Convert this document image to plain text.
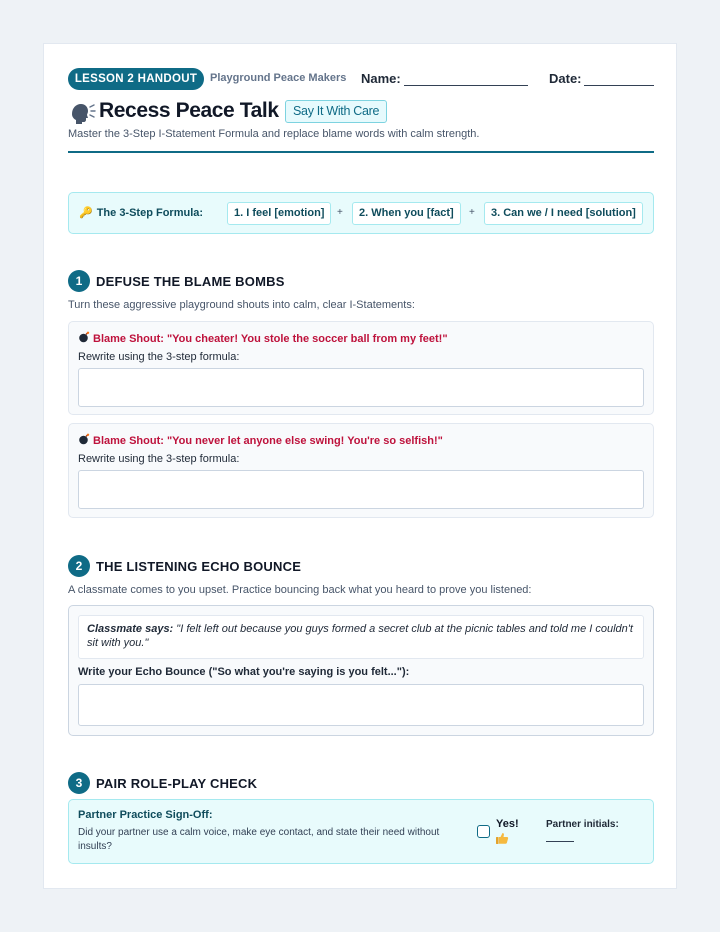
LESSON 2 HANDOUT	Playground Peace Makers Name:	Date:
Recess Peace Talk	Say It With Care
Master the 3-Step I-Statement Formula and replace blame words with calm strength.
🔑 The 3-Step Formula:	1. I feel [emotion]	+	2. When you [fact]	+	3. Can we / I need [solution]
1	DEFUSE THE BLAME BOMBS
Turn these aggressive playground shouts into calm, clear I-Statements:
Blame Shout: "You cheater! You stole the soccer ball from my feet!"
Rewrite using the 3-step formula:
Blame Shout: "You never let anyone else swing! You're so selfish!"
Rewrite using the 3-step formula:
2	THE LISTENING ECHO BOUNCE
A classmate comes to you upset. Practice bouncing back what you heard to prove you listened:
Classmate says: "I felt left out because you guys formed a secret club at the picnic tables and told me I couldn't sit with you."
Write your Echo Bounce ("So what you're saying is you felt..."):
3	PAIR ROLE-PLAY CHECK
Partner Practice Sign-Off:
Did your partner use a calm voice, make eye contact, and state their need without insults?
Yes!	Partner initials:
